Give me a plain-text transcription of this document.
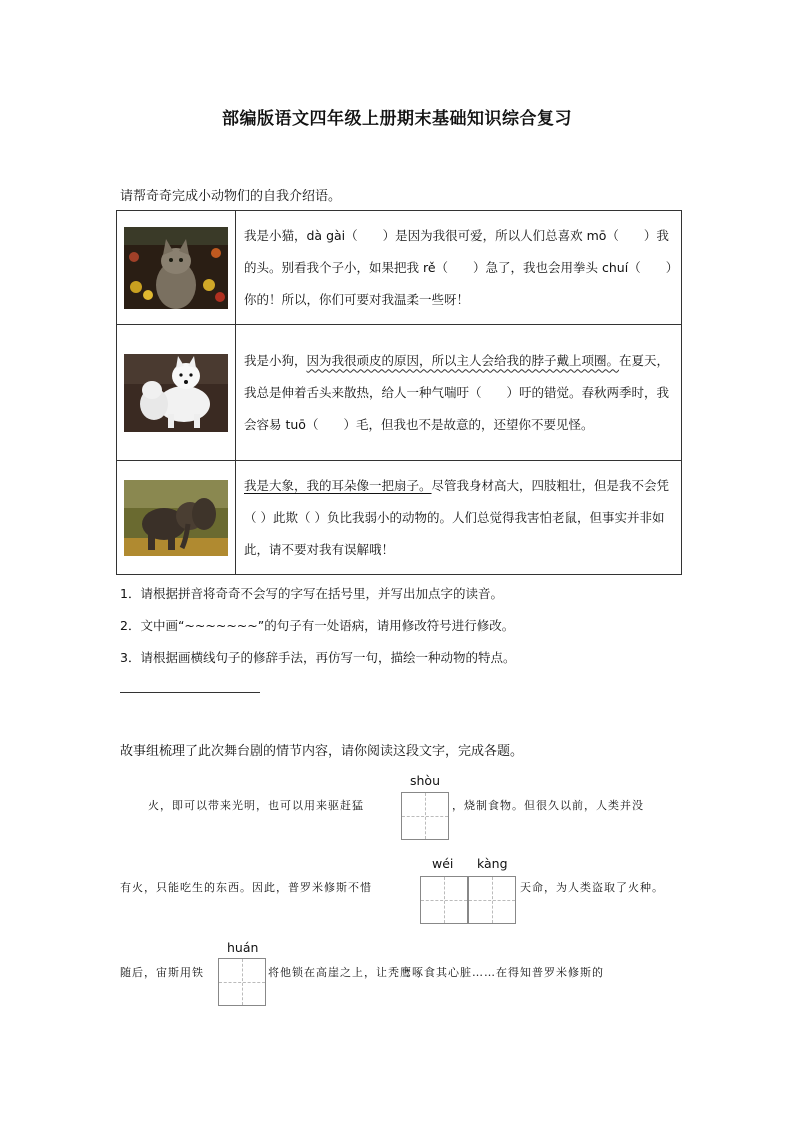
部编版语文四年级上册期末基础知识综合复习
请帮奇奇完成小动物们的自我介绍语。
	我是小猫，dà gài（　　）是因为我很可爱，所以人们总喜欢 mō（　　）我的头。别看我个子小，如果把我 rě（　　）急了，我也会用拳头 chuí（　　）你的！所以，你们可要对我温柔一些呀！

	我是小狗，因为我很顽皮的原因，所以主人会给我的脖子戴上项圈。在夏天，我总是伸着舌头来散热，给人一种气喘吁（　　）吁的错觉。春秋两季时，我会容易 tuō（　　）毛，但我也不是故意的，还望你不要见怪。

	我是大象，我的耳朵像一把扇子。尽管我身材高大，四肢粗壮，但是我不会凭（ ）此欺（ ）负比我弱小的动物的。人们总觉得我害怕老鼠，但事实并非如此，请不要对我有误解哦！
1．请根据拼音将奇奇不会写的字写在括号里，并写出加点字的读音。
2．文中画“~~~~~~~”的句子有一处语病，请用修改符号进行修改。
3．请根据画横线句子的修辞手法，再仿写一句，描绘一种动物的特点。
故事组梳理了此次舞台剧的情节内容，请你阅读这段文字，完成各题。
火，即可以带来光明，也可以用来驱赶猛
shòu
，烧制食物。但很久以前，人类并没
有火，只能吃生的东西。因此，普罗米修斯不惜
wéi kàng
天命，为人类盗取了火种。
随后，宙斯用铁
huán
将他锁在高崖之上，让秃鹰啄食其心脏……在得知普罗米修斯的
